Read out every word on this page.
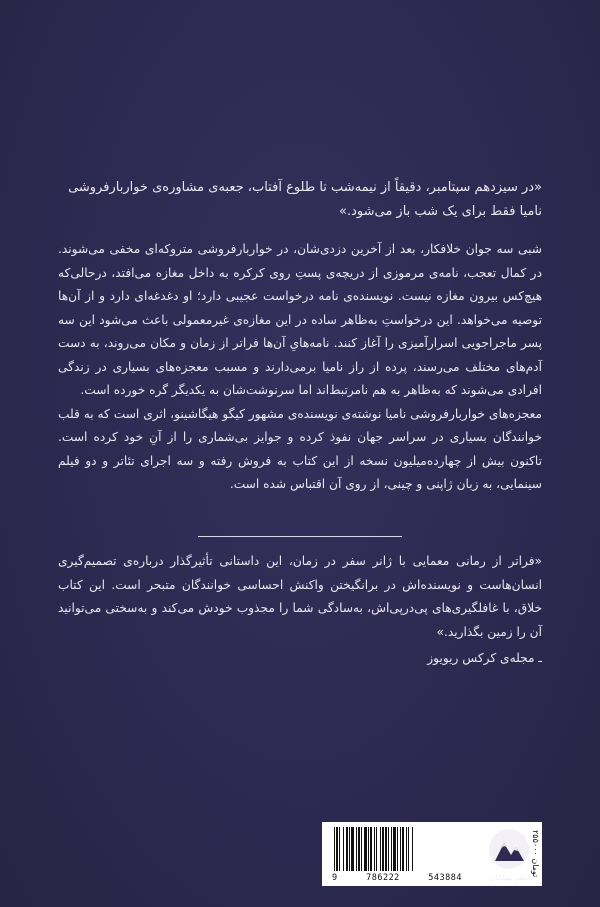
«در سیزدهم سپتامبر، دقیقاً از نیمه‌شب تا طلوع آفتاب، جعبه‌ی مشاوره‌ی خواربارفروشی نامیا فقط برای یک شب باز می‌شود.»

شبی سه جوان خلافکار، بعد از آخرین دزدی‌شان، در خواربارفروشی متروکه‌ای مخفی می‌شوند. در کمال تعجب، نامه‌ی مرموزی از دریچه‌ی پستِ روی کرکره به داخل مغازه می‌افتد، درحالی‌که هیچ‌کس بیرون مغازه نیست. نویسنده‌ی نامه درخواست عجیبی دارد؛ او دغدغه‌ای دارد و از آن‌ها توصیه می‌خواهد. این درخواستِ به‌ظاهر ساده در این مغازه‌ی غیرمعمولی باعث می‌شود این سه پسر ماجراجویی اسرارآمیزی را آغاز کنند. نامه‌هایِ آن‌ها فراتر از زمان و مکان می‌روند، به دست آدم‌های مختلف می‌رسند، پرده از راز نامیا برمی‌دارند و مسبب معجزه‌های بسیاری در زندگی افرادی می‌شوند که به‌ظاهر به هم نامرتبط‌اند اما سرنوشت‌شان به یکدیگر گره خورده است.

معجزه‌های خواربارفروشی نامیا نوشته‌ی نویسنده‌ی مشهور کیگو هیگاشینو، اثری است که به قلب خوانندگان بسیاری در سراسر جهان نفوذ کرده و جوایز بی‌شماری را از آنِ خود کرده است. تاکنون بیش از چهارده‌میلیون نسخه از این کتاب به فروش رفته و سه اجرای تئاتر و دو فیلم سینمایی، به زبان ژاپنی و چینی، از روی آن اقتباس شده است.

«فراتر از رمانی معمایی با ژانر سفر در زمان، این داستانی تأثیرگذار درباره‌ی تصمیم‌گیری انسان‌هاست و نویسنده‌اش در برانگیختن واکنش احساسی خوانندگان متبحر است. این کتاب خلاق، با غافلگیری‌های پی‌درپی‌اش، به‌سادگی شما را مجذوب خودش می‌کند و به‌سختی می‌توانید آن را زمین بگذارید.»

ـ مجله‌ی کرکس ریویوز

9	786222	543884
۲۵۵۰۰۰ تومان
نشر میلکان
